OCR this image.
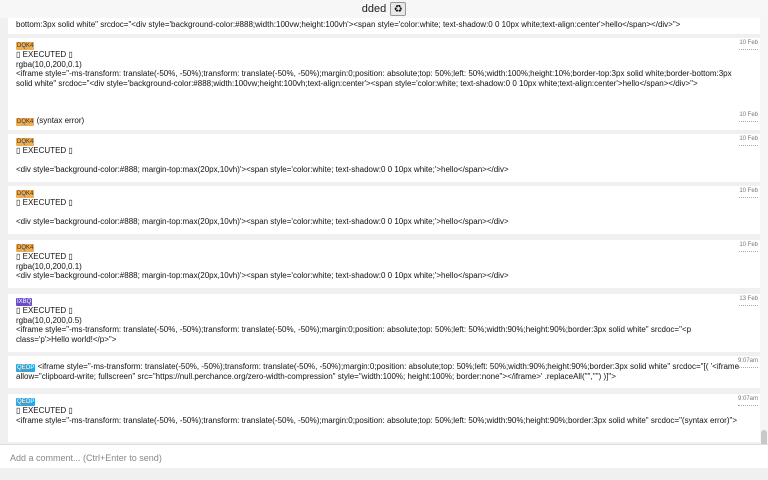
dded ♻
bottom:3px solid white" srcdoc="<div style='background-color:#888;width:100vw;height:100vh'><span style='color:white; text-shadow:0 0 10px white;text-align:center'>hello</span></div>">
10 Feb
DQK4
▯ EXECUTED ▯
rgba(10,0,200,0.1)
<iframe style="-ms-transform: translate(-50%, -50%);transform: translate(-50%, -50%);margin:0;position: absolute;top: 50%;left: 50%;width:100%;height:10%;border-top:3px solid white;border-bottom:3px solid white" srcdoc="<div style='background-color:#888;width:100vw;height:100vh;text-align:center'><span style='color:white; text-shadow:0 0 10px white;text-align:center'>hello</span></div>">
10 Feb
DQK4 (syntax error)
10 Feb
DQK4
▯ EXECUTED ▯
<div style='background-color:#888; margin-top:max(20px,10vh)'><span style='color:white; text-shadow:0 0 10px white;'>hello</span></div>
10 Feb
DQK4
▯ EXECUTED ▯
<div style='background-color:#888; margin-top:max(20px,10vh)'><span style='color:white; text-shadow:0 0 10px white;'>hello</span></div>
10 Feb
DQK4
▯ EXECUTED ▯
rgba(10,0,200,0.1)
<div style='background-color:#888; margin-top:max(20px,10vh)'><span style='color:white; text-shadow:0 0 10px white;'>hello</span></div>
13 Feb
IXBQ
▯ EXECUTED ▯
rgba(10,0,200,0.5)
<iframe style="-ms-transform: translate(-50%, -50%);transform: translate(-50%, -50%);margin:0;position: absolute;top: 50%;left: 50%;width:90%;height:90%;border:3px solid white" srcdoc="<p class='p'>Hello world!</p>">
9:07am
QEOP <iframe style="-ms-transform: translate(-50%, -50%);transform: translate(-50%, -50%);margin:0;position: absolute;top: 50%;left: 50%;width:90%;height:90%;border:3px solid white" srcdoc="[( '<iframe allow="clipboard-write; fullscreen" src="https://null.perchance.org/zero-width-compression" style="width:100%; height:100%; border:none"></iframe>' .replaceAll('"','"') )]">
9:07am
QEOP
▯ EXECUTED ▯
<iframe style="-ms-transform: translate(-50%, -50%);transform: translate(-50%, -50%);margin:0;position: absolute;top: 50%;left: 50%;width:90%;height:90%;border:3px solid white" srcdoc="(syntax error)">
Add a comment... (Ctrl+Enter to send)
